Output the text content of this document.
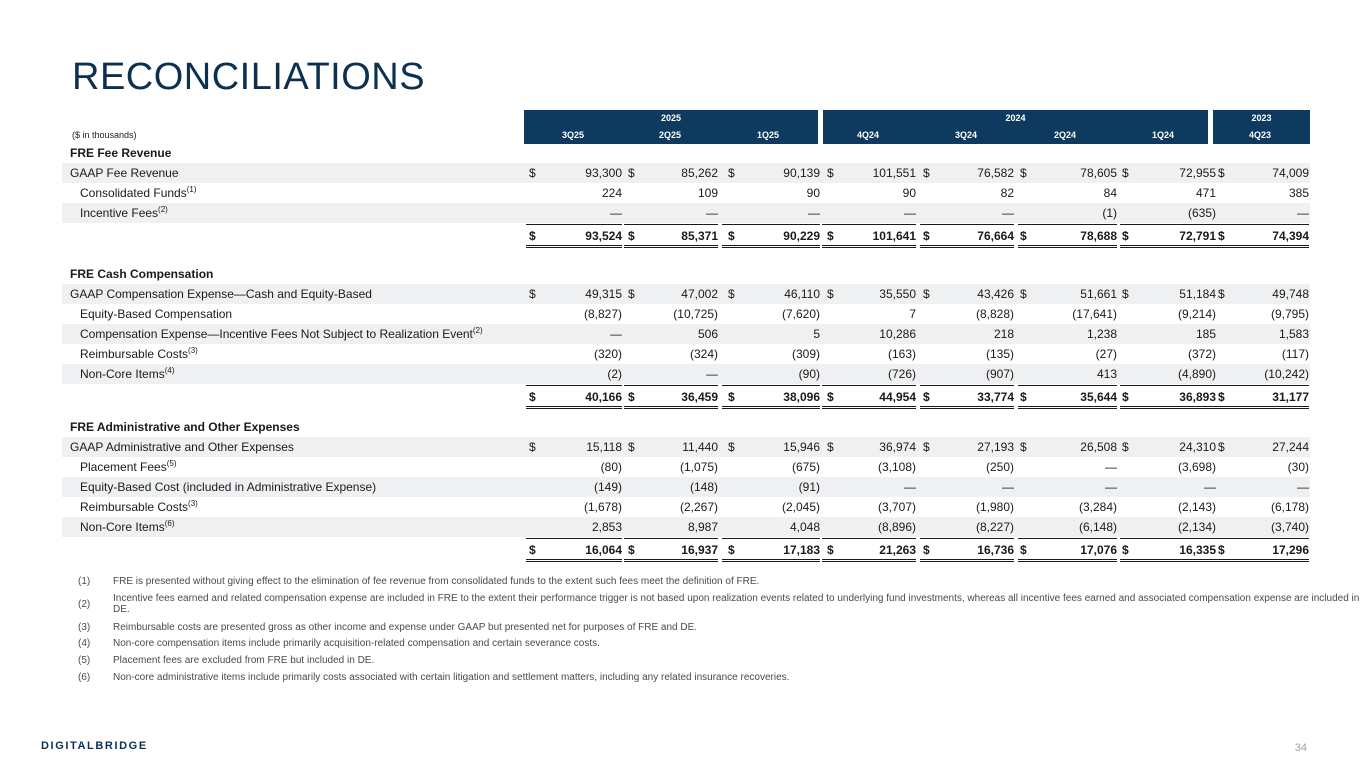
RECONCILIATIONS
(1)	FRE is presented without giving effect to the elimination of fee revenue from consolidated funds to the extent such fees meet the definition of FRE.
(2)
Incentive fees earned and related compensation expense are included in FRE to the extent their performance trigger is not based upon realization events related to underlying fund investments, whereas all incentive fees earned and associated compensation expense are included in DE.
(3)	Reimbursable costs are presented gross as other income and expense under GAAP but presented net for purposes of FRE and DE.
(4)	Non-core compensation items include primarily acquisition-related compensation and certain severance costs.
(5)	Placement fees are excluded from FRE but included in DE.
(6)	Non-core administrative items include primarily costs associated with certain litigation and settlement matters, including any related insurance recoveries.
DIGITALBRIDGE	34
2025	2024	2023
3Q25	2Q25	1Q25	4Q24	3Q24	2Q24	1Q24	4Q23
($ in thousands)
FRE Fee Revenue
GAAP Fee Revenue	$	93,300 $	85,262 $	90,139 $	101,551 $	76,582 $	78,605 $	72,955 $	74,009
Consolidated Funds$^{(1)}$	224	109	90	90	82	84	471	385
Incentive Fees$^{(2)}$	—	—	—	—	—	(1)	(635)	—
$	93,524 $	85,371 $	90,229 $	101,641 $	76,664 $	78,688 $	72,791 $	74,394
FRE Cash Compensation
GAAP Compensation Expense—Cash and Equity-Based	$	49,315 $	47,002 $	46,110 $	35,550 $	43,426 $	51,661 $	51,184 $	49,748
Equity-Based Compensation	(8,827)	(10,725)	(7,620)	7	(8,828)	(17,641)	(9,214)	(9,795)
Compensation Expense—Incentive Fees Not Subject to Realization Event$^{(2)}$	—	506	5	10,286	218	1,238	185	1,583
Reimbursable Costs$^{(3)}$	(320)	(324)	(309)	(163)	(135)	(27)	(372)	(117)
Non-Core Items$^{(4)}$	(2)	—	(90)	(726)	(907)	413	(4,890)	(10,242)
$	40,166 $	36,459 $	38,096 $	44,954 $	33,774 $	35,644 $	36,893 $	31,177
FRE Administrative and Other Expenses
GAAP Administrative and Other Expenses	$	15,118 $	11,440 $	15,946 $	36,974 $	27,193 $	26,508 $	24,310 $	27,244
Placement Fees$^{(5)}$	(80)	(1,075)	(675)	(3,108)	(250)	—	(3,698)	(30)
Equity-Based Cost (included in Administrative Expense)	(149)	(148)	(91)	—	—	—	—	—
Reimbursable Costs$^{(3)}$	(1,678)	(2,267)	(2,045)	(3,707)	(1,980)	(3,284)	(2,143)	(6,178)
Non-Core Items$^{(6)}$	2,853	8,987	4,048	(8,896)	(8,227)	(6,148)	(2,134)	(3,740)
$	16,064 $	16,937 $	17,183 $	21,263 $	16,736 $	17,076 $	16,335 $	17,296
